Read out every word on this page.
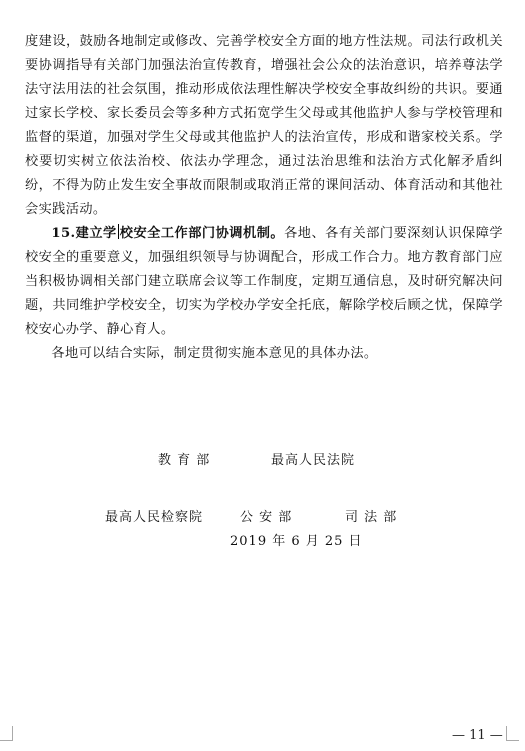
度建设，鼓励各地制定或修改、完善学校安全方面的地方性法规。司法行政机关要协调指导有关部门加强法治宣传教育，增强社会公众的法治意识，培养尊法学法守法用法的社会氛围，推动形成依法理性解决学校安全事故纠纷的共识。要通过家长学校、家长委员会等多种方式拓宽学生父母或其他监护人参与学校管理和监督的渠道，加强对学生父母或其他监护人的法治宣传，形成和谐家校关系。学校要切实树立依法治校、依法办学理念，通过法治思维和法治方式化解矛盾纠纷，不得为防止发生安全事故而限制或取消正常的课间活动、体育活动和其他社会实践活动。

15.建立学 校安全工作部门协调机制。各地、各有关部门要深刻认识保障学校安全的重要意义，加强组织领导与协调配合，形成工作合力。地方教育部门应当积极协调相关部门建立联席会议等工作制度，定期互通信息，及时研究解决问题，共同维护学校安全，切实为学校办学安全托底，解除学校后顾之忧，保障学校安心办学、静心育人。

各地可以结合实际，制定贯彻实施本意见的具体办法。

教 育 部	最高人民法院
最高人民检察院	公 安 部	司 法 部
2019 年 6 月 25 日
— 11 —
